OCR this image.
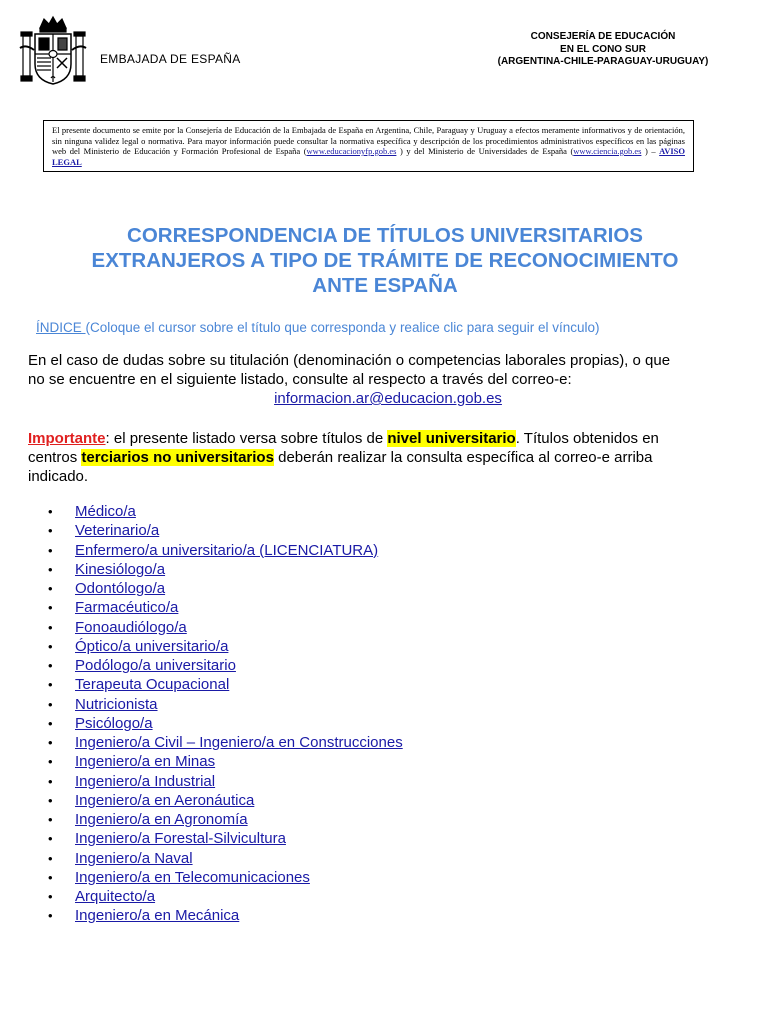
EMBAJADA DE ESPAÑA
CONSEJERÍA DE EDUCACIÓN
EN EL CONO SUR
(ARGENTINA-CHILE-PARAGUAY-URUGUAY)
El presente documento se emite por la Consejería de Educación de la Embajada de España en Argentina, Chile, Paraguay y Uruguay a efectos meramente informativos y de orientación, sin ninguna validez legal o normativa. Para mayor información puede consultar la normativa específica y descripción de los procedimientos administrativos específicos en las páginas web del Ministerio de Educación y Formación Profesional de España (www.educacionyfp.gob.es ) y del Ministerio de Universidades de España (www.ciencia.gob.es ) – AVISO LEGAL
CORRESPONDENCIA DE TÍTULOS UNIVERSITARIOS
EXTRANJEROS A TIPO DE TRÁMITE DE RECONOCIMIENTO
ANTE ESPAÑA
ÍNDICE (Coloque el cursor sobre el título que corresponda y realice clic para seguir el vínculo)
En el caso de dudas sobre su titulación (denominación o competencias laborales propias), o que
no se encuentre en el siguiente listado, consulte al respecto a través del correo-e:
informacion.ar@educacion.gob.es
Importante: el presente listado versa sobre títulos de nivel universitario. Títulos obtenidos en
centros terciarios no universitarios deberán realizar la consulta específica al correo-e arriba
indicado.
• Médico/a
• Veterinario/a
• Enfermero/a universitario/a (LICENCIATURA)
• Kinesiólogo/a
• Odontólogo/a
• Farmacéutico/a
• Fonoaudiólogo/a
• Óptico/a universitario/a
• Podólogo/a universitario
• Terapeuta Ocupacional
• Nutricionista
• Psicólogo/a
• Ingeniero/a Civil – Ingeniero/a en Construcciones
• Ingeniero/a en Minas
• Ingeniero/a Industrial
• Ingeniero/a en Aeronáutica
• Ingeniero/a en Agronomía
• Ingeniero/a Forestal-Silvicultura
• Ingeniero/a Naval
• Ingeniero/a en Telecomunicaciones
• Arquitecto/a
• Ingeniero/a en Mecánica
